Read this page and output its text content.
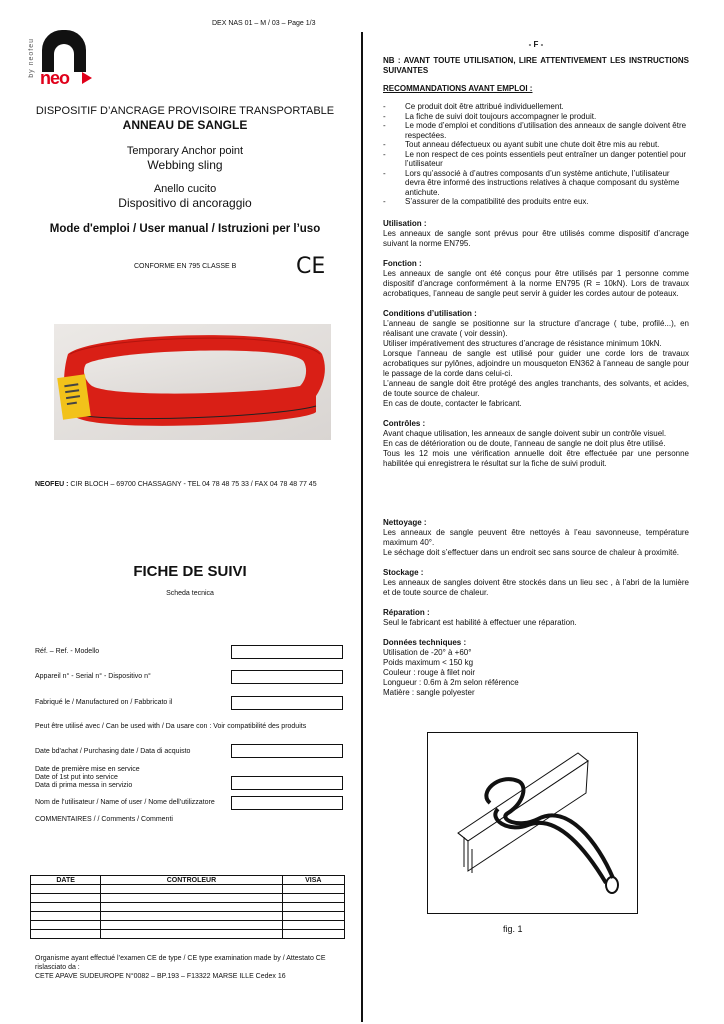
DEX NAS 01 – M / 03 – Page 1/3
by neofeu
neo
DISPOSITIF D’ANCRAGE PROVISOIRE TRANSPORTABLE
ANNEAU DE SANGLE
Temporary Anchor point
Webbing sling
Anello cucito
Dispositivo di ancoraggio
Mode d'emploi / User manual / Istruzioni per l’uso
CONFORME EN 795 CLASSE B	CE
NEOFEU : CIR BLOCH – 69700 CHASSAGNY - TEL 04 78 48 75 33 / FAX 04 78 48 77 45
FICHE DE SUIVI
Scheda tecnica
Réf. – Ref. - Modello
Appareil n° - Serial n° - Dispositivo n°
Fabriqué le / Manufactured on / Fabbricato il
Peut être utilisé avec / Can be used with / Da usare con : Voir compatibilité des produits
Date bd'achat / Purchasing date / Data di acquisto
Date de première mise en service
Date of 1st put into service
Data di prima messa in servizio
Nom de l’utilisateur / Name of user / Nome dell’utilizzatore
COMMENTAIRES / / Comments / Commenti
DATE	CONTROLEUR	VISA

Organisme ayant effectué l’examen CE de type / CE type examination made by / Attestato CE
rislasciato da :
CETE APAVE SUDEUROPE N°0082 – BP.193 – F13322 MARSE ILLE Cedex 16
- F -
NB : AVANT TOUTE UTILISATION, LIRE ATTENTIVEMENT LES INSTRUCTIONS SUIVANTES
RECOMMANDATIONS AVANT EMPLOI :
- Ce produit doit être attribué individuellement.
- La fiche de suivi doit toujours accompagner le produit.
- Le mode d’emploi et conditions d’utilisation des anneaux de sangle doivent être respectées.
- Tout anneau défectueux ou ayant subit une chute doit être mis au rebut.
- Le non respect de ces points essentiels peut entraîner un danger potentiel pour l’utilisateur
- Lors qu’associé à d’autres composants d’un système antichute, l’utilisateur devra être informé des instructions relatives à chaque composant du système antichute.
- S’assurer de la compatibilité des produits entre eux.
Utilisation :
Les anneaux de sangle sont prévus pour être utilisés comme dispositif d’ancrage suivant la norme EN795.
Fonction :
Les anneaux de sangle ont été conçus pour être utilisés par 1 personne comme dispositif d’ancrage conformément à la norme EN795 (R = 10kN). Lors de travaux acrobatiques, l’anneau de sangle peut servir à guider les cordes autour de poteaux.
Conditions d’utilisation :
L’anneau de sangle se positionne sur la structure d’ancrage ( tube, profilé...), en réalisant une cravate ( voir dessin).
Utiliser impérativement des structures d’ancrage de résistance minimum 10kN.
Lorsque l’anneau de sangle est utilisé pour guider une corde lors de travaux acrobatiques sur pylônes, adjoindre un mousqueton EN362 à l’anneau de sangle pour le passage de la corde dans celui-ci.
L’anneau de sangle doit être protégé des angles tranchants, des solvants, et acides, de toute source de chaleur.
En cas de doute, contacter le fabricant.
Contrôles :
Avant chaque utilisation, les anneaux de sangle doivent subir un contrôle visuel.
En cas de détérioration ou de doute, l’anneau de sangle ne doit plus être utilisé.
Tous les 12 mois une vérification annuelle doit être effectuée par une personne habilitée qui enregistrera le résultat sur la fiche de suivi produit.
Nettoyage :
Les anneaux de sangle peuvent être nettoyés à l’eau savonneuse, température maximum 40°.
Le séchage doit s’effectuer dans un endroit sec sans source de chaleur à proximité.
Stockage :
Les anneaux de sangles doivent être stockés dans un lieu sec , à l’abri de la lumière et de toute source de chaleur.
Réparation :
Seul le fabricant est habilité à effectuer une réparation.
Données techniques :
Utilisation de -20° à +60°
Poids maximum < 150 kg
Couleur : rouge à filet noir
Longueur : 0.6m à 2m selon référence
Matière : sangle polyester
fig. 1
